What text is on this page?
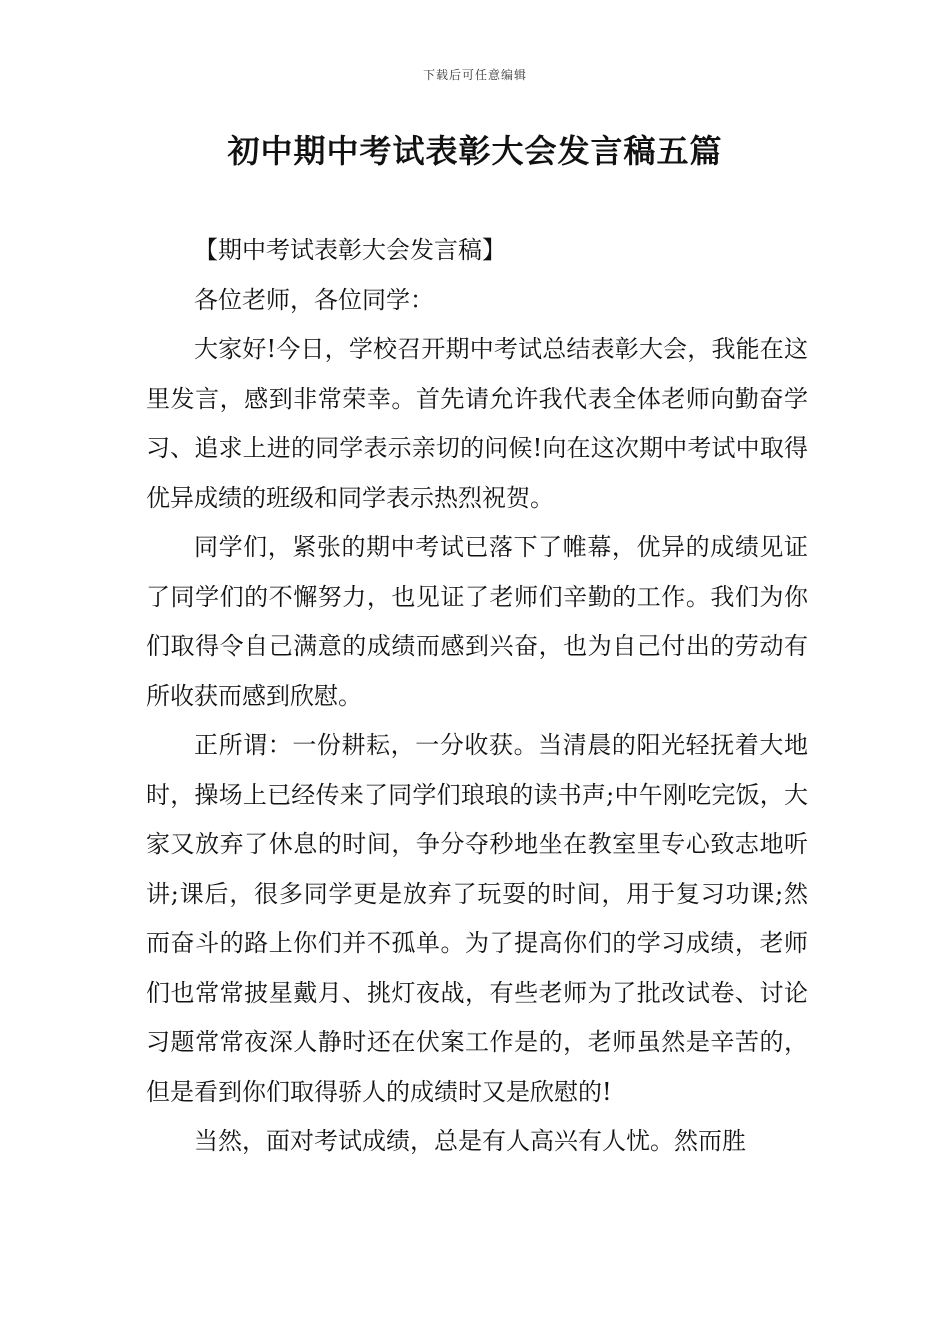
下载后可任意编辑
初中期中考试表彰大会发言稿五篇

【期中考试表彰大会发言稿】

各位老师，各位同学：

大家好!今日，学校召开期中考试总结表彰大会，我能在这里发言，感到非常荣幸。首先请允许我代表全体老师向勤奋学习、追求上进的同学表示亲切的问候!向在这次期中考试中取得优异成绩的班级和同学表示热烈祝贺。

同学们，紧张的期中考试已落下了帷幕，优异的成绩见证了同学们的不懈努力，也见证了老师们辛勤的工作。我们为你们取得令自己满意的成绩而感到兴奋，也为自己付出的劳动有所收获而感到欣慰。

正所谓：一份耕耘，一分收获。当清晨的阳光轻抚着大地时，操场上已经传来了同学们琅琅的读书声;中午刚吃完饭，大家又放弃了休息的时间，争分夺秒地坐在教室里专心致志地听讲;课后，很多同学更是放弃了玩耍的时间，用于复习功课;然而奋斗的路上你们并不孤单。为了提高你们的学习成绩，老师们也常常披星戴月、挑灯夜战，有些老师为了批改试卷、讨论习题常常夜深人静时还在伏案工作是的，老师虽然是辛苦的，但是看到你们取得骄人的成绩时又是欣慰的!

当然，面对考试成绩，总是有人高兴有人忧。然而胜
